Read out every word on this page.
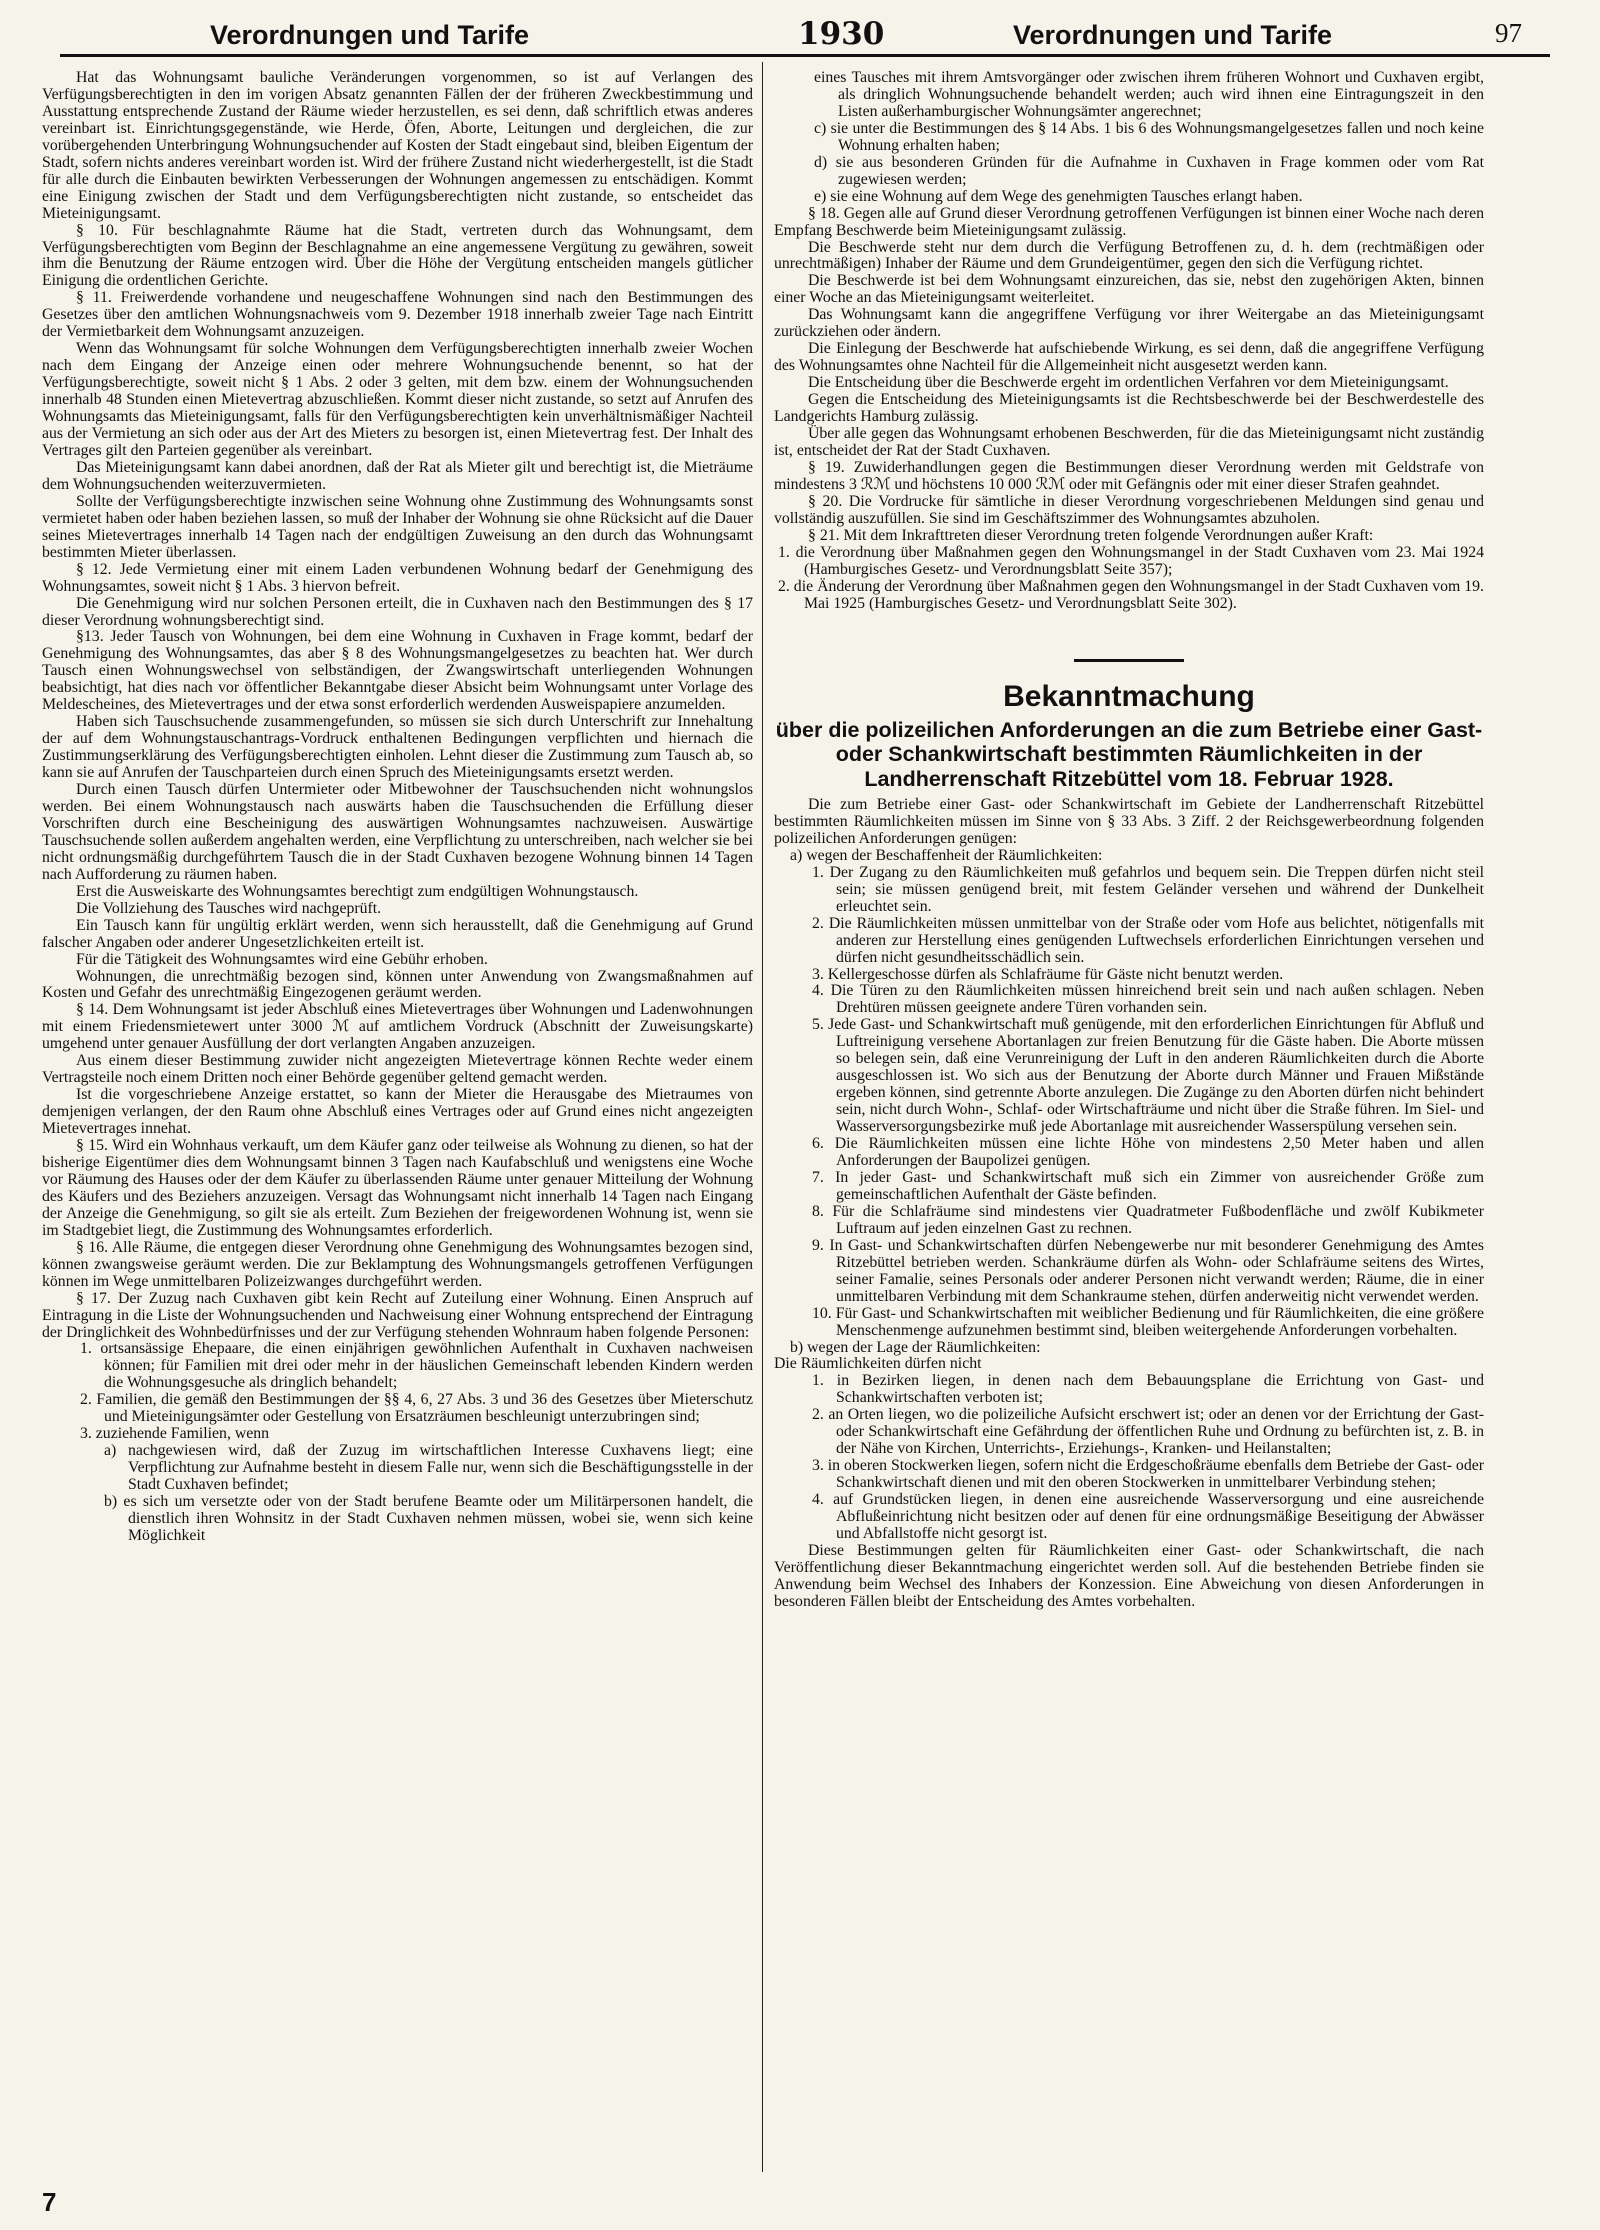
Verordnungen und Tarife	1930	Verordnungen und Tarife	97

Hat das Wohnungsamt bauliche Veränderungen vorgenommen, so ist auf Verlangen des Verfügungsberechtigten in den im vorigen Absatz genannten Fällen der der früheren Zweckbestimmung und Ausstattung entsprechende Zustand der Räume wieder herzustellen, es sei denn, daß schriftlich etwas anderes vereinbart ist. Einrichtungsgegenstände, wie Herde, Öfen, Aborte, Leitungen und dergleichen, die zur vorübergehenden Unterbringung Wohnungsuchender auf Kosten der Stadt eingebaut sind, bleiben Eigentum der Stadt, sofern nichts anderes vereinbart worden ist. Wird der frühere Zustand nicht wiederhergestellt, ist die Stadt für alle durch die Einbauten bewirkten Verbesserungen der Wohnungen angemessen zu entschädigen. Kommt eine Einigung zwischen der Stadt und dem Verfügungsberechtigten nicht zustande, so entscheidet das Mieteinigungsamt.

§ 10. Für beschlagnahmte Räume hat die Stadt, vertreten durch das Wohnungsamt, dem Verfügungsberechtigten vom Beginn der Beschlagnahme an eine angemessene Vergütung zu gewähren, soweit ihm die Benutzung der Räume entzogen wird. Über die Höhe der Vergütung entscheiden mangels gütlicher Einigung die ordentlichen Gerichte.

§ 11. Freiwerdende vorhandene und neugeschaffene Wohnungen sind nach den Bestimmungen des Gesetzes über den amtlichen Wohnungsnachweis vom 9. Dezember 1918 innerhalb zweier Tage nach Eintritt der Vermietbarkeit dem Wohnungsamt anzuzeigen.

Wenn das Wohnungsamt für solche Wohnungen dem Verfügungsberechtigten innerhalb zweier Wochen nach dem Eingang der Anzeige einen oder mehrere Wohnungsuchende benennt, so hat der Verfügungsberechtigte, soweit nicht § 1 Abs. 2 oder 3 gelten, mit dem bzw. einem der Wohnungsuchenden innerhalb 48 Stunden einen Mietevertrag abzuschließen. Kommt dieser nicht zustande, so setzt auf Anrufen des Wohnungsamts das Mieteinigungsamt, falls für den Verfügungsberechtigten kein unverhältnismäßiger Nachteil aus der Vermietung an sich oder aus der Art des Mieters zu besorgen ist, einen Mietevertrag fest. Der Inhalt des Vertrages gilt den Parteien gegenüber als vereinbart.

Das Mieteinigungsamt kann dabei anordnen, daß der Rat als Mieter gilt und berechtigt ist, die Mieträume dem Wohnungsuchenden weiterzuvermieten.

Sollte der Verfügungsberechtigte inzwischen seine Wohnung ohne Zustimmung des Wohnungsamts sonst vermietet haben oder haben beziehen lassen, so muß der Inhaber der Wohnung sie ohne Rücksicht auf die Dauer seines Mietevertrages innerhalb 14 Tagen nach der endgültigen Zuweisung an den durch das Wohnungsamt bestimmten Mieter überlassen.

§ 12. Jede Vermietung einer mit einem Laden verbundenen Wohnung bedarf der Genehmigung des Wohnungsamtes, soweit nicht § 1 Abs. 3 hiervon befreit.

Die Genehmigung wird nur solchen Personen erteilt, die in Cuxhaven nach den Bestimmungen des § 17 dieser Verordnung wohnungsberechtigt sind.

§13. Jeder Tausch von Wohnungen, bei dem eine Wohnung in Cuxhaven in Frage kommt, bedarf der Genehmigung des Wohnungsamtes, das aber § 8 des Wohnungsmangelgesetzes zu beachten hat. Wer durch Tausch einen Wohnungswechsel von selbständigen, der Zwangswirtschaft unterliegenden Wohnungen beabsichtigt, hat dies nach vor öffentlicher Bekanntgabe dieser Absicht beim Wohnungsamt unter Vorlage des Meldescheines, des Mietevertrages und der etwa sonst erforderlich werdenden Ausweispapiere anzumelden.

Haben sich Tauschsuchende zusammengefunden, so müssen sie sich durch Unterschrift zur Innehaltung der auf dem Wohnungstauschantrags-Vordruck enthaltenen Bedingungen verpflichten und hiernach die Zustimmungserklärung des Verfügungsberechtigten einholen. Lehnt dieser die Zustimmung zum Tausch ab, so kann sie auf Anrufen der Tauschparteien durch einen Spruch des Mieteinigungsamts ersetzt werden.

Durch einen Tausch dürfen Untermieter oder Mitbewohner der Tauschsuchenden nicht wohnungslos werden. Bei einem Wohnungstausch nach auswärts haben die Tauschsuchenden die Erfüllung dieser Vorschriften durch eine Bescheinigung des auswärtigen Wohnungsamtes nachzuweisen. Auswärtige Tauschsuchende sollen außerdem angehalten werden, eine Verpflichtung zu unterschreiben, nach welcher sie bei nicht ordnungsmäßig durchgeführtem Tausch die in der Stadt Cuxhaven bezogene Wohnung binnen 14 Tagen nach Aufforderung zu räumen haben.

Erst die Ausweiskarte des Wohnungsamtes berechtigt zum endgültigen Wohnungstausch.

Die Vollziehung des Tausches wird nachgeprüft.

Ein Tausch kann für ungültig erklärt werden, wenn sich herausstellt, daß die Genehmigung auf Grund falscher Angaben oder anderer Ungesetzlichkeiten erteilt ist.

Für die Tätigkeit des Wohnungsamtes wird eine Gebühr erhoben.

Wohnungen, die unrechtmäßig bezogen sind, können unter Anwendung von Zwangsmaßnahmen auf Kosten und Gefahr des unrechtmäßig Eingezogenen geräumt werden.

§ 14. Dem Wohnungsamt ist jeder Abschluß eines Mietevertrages über Wohnungen und Ladenwohnungen mit einem Friedensmietewert unter 3000 ℳ auf amtlichem Vordruck (Abschnitt der Zuweisungskarte) umgehend unter genauer Ausfüllung der dort verlangten Angaben anzuzeigen.

Aus einem dieser Bestimmung zuwider nicht angezeigten Mietevertrage können Rechte weder einem Vertragsteile noch einem Dritten noch einer Behörde gegenüber geltend gemacht werden.

Ist die vorgeschriebene Anzeige erstattet, so kann der Mieter die Herausgabe des Mietraumes von demjenigen verlangen, der den Raum ohne Abschluß eines Vertrages oder auf Grund eines nicht angezeigten Mietevertrages innehat.

§ 15. Wird ein Wohnhaus verkauft, um dem Käufer ganz oder teilweise als Wohnung zu dienen, so hat der bisherige Eigentümer dies dem Wohnungsamt binnen 3 Tagen nach Kaufabschluß und wenigstens eine Woche vor Räumung des Hauses oder der dem Käufer zu überlassenden Räume unter genauer Mitteilung der Wohnung des Käufers und des Beziehers anzuzeigen. Versagt das Wohnungsamt nicht innerhalb 14 Tagen nach Eingang der Anzeige die Genehmigung, so gilt sie als erteilt. Zum Beziehen der freigewordenen Wohnung ist, wenn sie im Stadtgebiet liegt, die Zustimmung des Wohnungsamtes erforderlich.

§ 16. Alle Räume, die entgegen dieser Verordnung ohne Genehmigung des Wohnungsamtes bezogen sind, können zwangsweise geräumt werden. Die zur Beklamptung des Wohnungsmangels getroffenen Verfügungen können im Wege unmittelbaren Polizeizwanges durchgeführt werden.

§ 17. Der Zuzug nach Cuxhaven gibt kein Recht auf Zuteilung einer Wohnung. Einen Anspruch auf Eintragung in die Liste der Wohnungsuchenden und Nachweisung einer Wohnung entsprechend der Eintragung der Dringlichkeit des Wohnbedürfnisses und der zur Verfügung stehenden Wohnraum haben folgende Personen:

1. ortsansässige Ehepaare, die einen einjährigen gewöhnlichen Aufenthalt in Cuxhaven nachweisen können; für Familien mit drei oder mehr in der häuslichen Gemeinschaft lebenden Kindern werden die Wohnungsgesuche als dringlich behandelt;

2. Familien, die gemäß den Bestimmungen der §§ 4, 6, 27 Abs. 3 und 36 des Gesetzes über Mieterschutz und Mieteinigungsämter oder Gestellung von Ersatzräumen beschleunigt unterzubringen sind;

3. zuziehende Familien, wenn

a) nachgewiesen wird, daß der Zuzug im wirtschaftlichen Interesse Cuxhavens liegt; eine Verpflichtung zur Aufnahme besteht in diesem Falle nur, wenn sich die Beschäftigungsstelle in der Stadt Cuxhaven befindet;

b) es sich um versetzte oder von der Stadt berufene Beamte oder um Militärpersonen handelt, die dienstlich ihren Wohnsitz in der Stadt Cuxhaven nehmen müssen, wobei sie, wenn sich keine Möglichkeit

eines Tausches mit ihrem Amtsvorgänger oder zwischen ihrem früheren Wohnort und Cuxhaven ergibt, als dringlich Wohnungsuchende behandelt werden; auch wird ihnen eine Eintragungszeit in den Listen außerhamburgischer Wohnungsämter angerechnet;

c) sie unter die Bestimmungen des § 14 Abs. 1 bis 6 des Wohnungsmangelgesetzes fallen und noch keine Wohnung erhalten haben;

d) sie aus besonderen Gründen für die Aufnahme in Cuxhaven in Frage kommen oder vom Rat zugewiesen werden;

e) sie eine Wohnung auf dem Wege des genehmigten Tausches erlangt haben.

§ 18. Gegen alle auf Grund dieser Verordnung getroffenen Verfügungen ist binnen einer Woche nach deren Empfang Beschwerde beim Mieteinigungsamt zulässig.

Die Beschwerde steht nur dem durch die Verfügung Betroffenen zu, d. h. dem (rechtmäßigen oder unrechtmäßigen) Inhaber der Räume und dem Grundeigentümer, gegen den sich die Verfügung richtet.

Die Beschwerde ist bei dem Wohnungsamt einzureichen, das sie, nebst den zugehörigen Akten, binnen einer Woche an das Mieteinigungsamt weiterleitet.

Das Wohnungsamt kann die angegriffene Verfügung vor ihrer Weitergabe an das Mieteinigungsamt zurückziehen oder ändern.

Die Einlegung der Beschwerde hat aufschiebende Wirkung, es sei denn, daß die angegriffene Verfügung des Wohnungsamtes ohne Nachteil für die Allgemeinheit nicht ausgesetzt werden kann.

Die Entscheidung über die Beschwerde ergeht im ordentlichen Verfahren vor dem Mieteinigungsamt.

Gegen die Entscheidung des Mieteinigungsamts ist die Rechtsbeschwerde bei der Beschwerdestelle des Landgerichts Hamburg zulässig.

Über alle gegen das Wohnungsamt erhobenen Beschwerden, für die das Mieteinigungsamt nicht zuständig ist, entscheidet der Rat der Stadt Cuxhaven.

§ 19. Zuwiderhandlungen gegen die Bestimmungen dieser Verordnung werden mit Geldstrafe von mindestens 3 ℛℳ und höchstens 10 000 ℛℳ oder mit Gefängnis oder mit einer dieser Strafen geahndet.

§ 20. Die Vordrucke für sämtliche in dieser Verordnung vorgeschriebenen Meldungen sind genau und vollständig auszufüllen. Sie sind im Geschäftszimmer des Wohnungsamtes abzuholen.

§ 21. Mit dem Inkrafttreten dieser Verordnung treten folgende Verordnungen außer Kraft:

1. die Verordnung über Maßnahmen gegen den Wohnungsmangel in der Stadt Cuxhaven vom 23. Mai 1924 (Hamburgisches Gesetz- und Verordnungsblatt Seite 357);

2. die Änderung der Verordnung über Maßnahmen gegen den Wohnungsmangel in der Stadt Cuxhaven vom 19. Mai 1925 (Hamburgisches Gesetz- und Verordnungsblatt Seite 302).

Bekanntmachung
über die polizeilichen Anforderungen an die zum Betriebe einer Gast- oder Schankwirtschaft bestimmten Räumlichkeiten in der Landherrenschaft Ritzebüttel vom 18. Februar 1928.

Die zum Betriebe einer Gast- oder Schankwirtschaft im Gebiete der Landherrenschaft Ritzebüttel bestimmten Räumlichkeiten müssen im Sinne von § 33 Abs. 3 Ziff. 2 der Reichsgewerbeordnung folgenden polizeilichen Anforderungen genügen:

a) wegen der Beschaffenheit der Räumlichkeiten:

1. Der Zugang zu den Räumlichkeiten muß gefahrlos und bequem sein. Die Treppen dürfen nicht steil sein; sie müssen genügend breit, mit festem Geländer versehen und während der Dunkelheit erleuchtet sein.

2. Die Räumlichkeiten müssen unmittelbar von der Straße oder vom Hofe aus belichtet, nötigenfalls mit anderen zur Herstellung eines genügenden Luftwechsels erforderlichen Einrichtungen versehen und dürfen nicht gesundheitsschädlich sein.

3. Kellergeschosse dürfen als Schlafräume für Gäste nicht benutzt werden.

4. Die Türen zu den Räumlichkeiten müssen hinreichend breit sein und nach außen schlagen. Neben Drehtüren müssen geeignete andere Türen vorhanden sein.

5. Jede Gast- und Schankwirtschaft muß genügende, mit den erforderlichen Einrichtungen für Abfluß und Luftreinigung versehene Abortanlagen zur freien Benutzung für die Gäste haben. Die Aborte müssen so belegen sein, daß eine Verunreinigung der Luft in den anderen Räumlichkeiten durch die Aborte ausgeschlossen ist. Wo sich aus der Benutzung der Aborte durch Männer und Frauen Mißstände ergeben können, sind getrennte Aborte anzulegen. Die Zugänge zu den Aborten dürfen nicht behindert sein, nicht durch Wohn-, Schlaf- oder Wirtschafträume und nicht über die Straße führen. Im Siel- und Wasserversorgungsbezirke muß jede Abortanlage mit ausreichender Wasserspülung versehen sein.

6. Die Räumlichkeiten müssen eine lichte Höhe von mindestens 2,50 Meter haben und allen Anforderungen der Baupolizei genügen.

7. In jeder Gast- und Schankwirtschaft muß sich ein Zimmer von ausreichender Größe zum gemeinschaftlichen Aufenthalt der Gäste befinden.

8. Für die Schlafräume sind mindestens vier Quadratmeter Fußbodenfläche und zwölf Kubikmeter Luftraum auf jeden einzelnen Gast zu rechnen.

9. In Gast- und Schankwirtschaften dürfen Nebengewerbe nur mit besonderer Genehmigung des Amtes Ritzebüttel betrieben werden. Schankräume dürfen als Wohn- oder Schlafräume seitens des Wirtes, seiner Famalie, seines Personals oder anderer Personen nicht verwandt werden; Räume, die in einer unmittelbaren Verbindung mit dem Schankraume stehen, dürfen anderweitig nicht verwendet werden.

10. Für Gast- und Schankwirtschaften mit weiblicher Bedienung und für Räumlichkeiten, die eine größere Menschenmenge aufzunehmen bestimmt sind, bleiben weitergehende Anforderungen vorbehalten.

b) wegen der Lage der Räumlichkeiten:

Die Räumlichkeiten dürfen nicht

1. in Bezirken liegen, in denen nach dem Bebauungsplane die Errichtung von Gast- und Schankwirtschaften verboten ist;

2. an Orten liegen, wo die polizeiliche Aufsicht erschwert ist; oder an denen vor der Errichtung der Gast- oder Schankwirtschaft eine Gefährdung der öffentlichen Ruhe und Ordnung zu befürchten ist, z. B. in der Nähe von Kirchen, Unterrichts-, Erziehungs-, Kranken- und Heilanstalten;

3. in oberen Stockwerken liegen, sofern nicht die Erdgeschoßräume ebenfalls dem Betriebe der Gast- oder Schankwirtschaft dienen und mit den oberen Stockwerken in unmittelbarer Verbindung stehen;

4. auf Grundstücken liegen, in denen eine ausreichende Wasserversorgung und eine ausreichende Abflußeinrichtung nicht besitzen oder auf denen für eine ordnungsmäßige Beseitigung der Abwässer und Abfallstoffe nicht gesorgt ist.

Diese Bestimmungen gelten für Räumlichkeiten einer Gast- oder Schankwirtschaft, die nach Veröffentlichung dieser Bekanntmachung eingerichtet werden soll. Auf die bestehenden Betriebe finden sie Anwendung beim Wechsel des Inhabers der Konzession. Eine Abweichung von diesen Anforderungen in besonderen Fällen bleibt der Entscheidung des Amtes vorbehalten.

7
